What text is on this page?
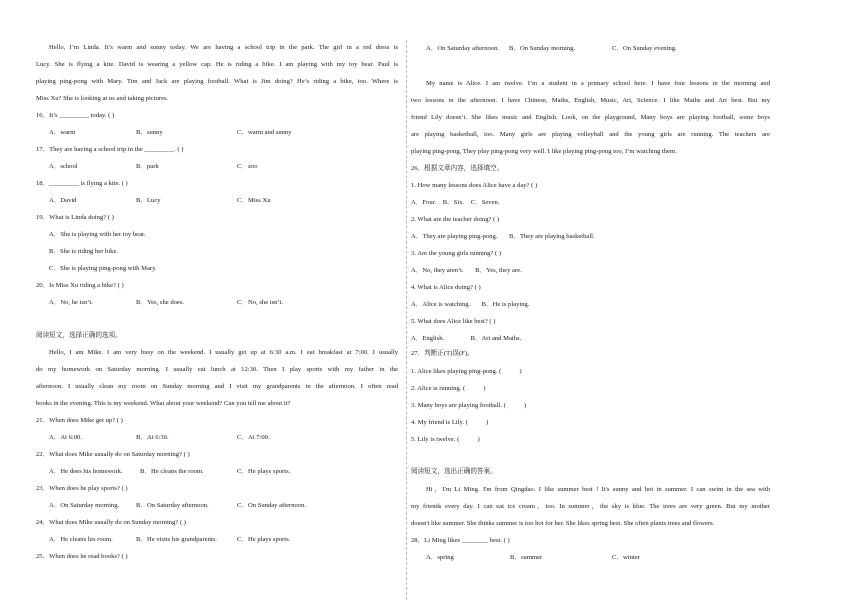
Hello, I’m Linda. It’s warm and sunny today. We are having a school trip in the park. The girl in a red dress is
Lucy. She is flying a kite. David is wearing a yellow cap. He is riding a bike. I am playing with my toy bear. Paul is
playing ping-pong with Mary. Tim and Jack are playing football. What is Jim doing? He’s riding a bike, too. Where is
Miss Xu? She is looking at us and taking pictures.
16．It’s _________ today. ( )
A．warm	B．sunny	C．warm and sunny
17．They are having a school trip in the _________. ( )
A．school	B．park	C．zoo
18．_________ is flying a kite. ( )
A．David	B．Lucy	C．Miss Xu
19．What is Linda doing? ( )
A．She is playing with her toy bear.
B．She is riding her bike.
C．She is playing ping-pong with Mary.
20．Is Miss Xu riding a bike? ( )
A．No, he isn’t.	B．Yes, she does.	C．No, she isn’t.
阅读短文，选择正确的选项。
Hello, I am Mike. I am very busy on the weekend. I usually get up at 6:30 a.m. I eat breakfast at 7:00. I usually
do my homework on Saturday morning. I usually eat lunch at 12:30. Then I play sports with my father in the
afternoon. I usually clean my room on Sunday morning and I visit my grandparents in the afternoon. I often read
books in the evening. This is my weekend. What about your weekend? Can you tell me about it?
21．When does Mike get up? ( )
A．At 6:00.	B．At 6:30.	C．At 7:00.
22．What does Mike usually do on Saturday morning? ( )
A．He does his homework.	B．He cleans the room.	C．He plays sports.
23．When does he play sports? ( )
A．On Saturday morning.	B．On Saturday afternoon.	C．On Sunday afternoon.
24．What does Mike usually do on Sunday morning? ( )
A．He cleans his room.	B．He visits his grandparents.	C．He plays sports.
25．When does he read books? ( )
A．On Saturday afternoon. B．On Sunday morning.	C．On Sunday evening.
My name is Alice. I am twelve. I’m a student in a primary school here. I have four lessons in the morning and
two lessons in the afternoon. I have Chinese, Maths, English, Music, Art, Science. I like Maths and Art best. But my
friend Lily doesn’t. She likes music and English. Look, on the playground, Many boys are playing football, some boys
are playing basketball, too. Many girls are playing volleyball and the young girls are running. The teachers are
playing ping-pong, They play ping-pong very well. I like playing ping-pong too, I’m watching them.
26．根据文章内容，选择填空。
1. How many lessons does Alice have a day? ( )
A．Four.    B．Six.    C．Seven.
2. What are the teacher doing? ( )
A．They are playing ping-pong.       B．They are playing basketball.
3. Are the young girls running? ( )
A．No, they aren’t.       B．Yes, they are.
4. What is Alice doing? ( )
A．Alice is watching.       B．He is playing.
5. What does Alice like best? ( )
A．English.                B．Art and Maths.
27．判断正(T)误(F)。
1. Alice likes playing ping-pong. (           )
2. Alice is running. (           )
3. Many boys are playing football. (           )
4. My friend is Lily. (           )
5. Lily is twelve. (           )
阅读短文，选出正确的答案。
Hi，I'm Li Ming. I'm from Qingdao. I like summer best ! It's sunny and hot in summer. I can swim in the sea with
my friends every day. I can eat ice cream，too. In summer，the sky is blue. The trees are very green. But my mother
doesn't like summer. She thinks summer is too hot for her. She likes spring best. She often plants trees and flowers.
28．Li Ming likes ________ best. ( )
A．spring	B．summer	C．winter
